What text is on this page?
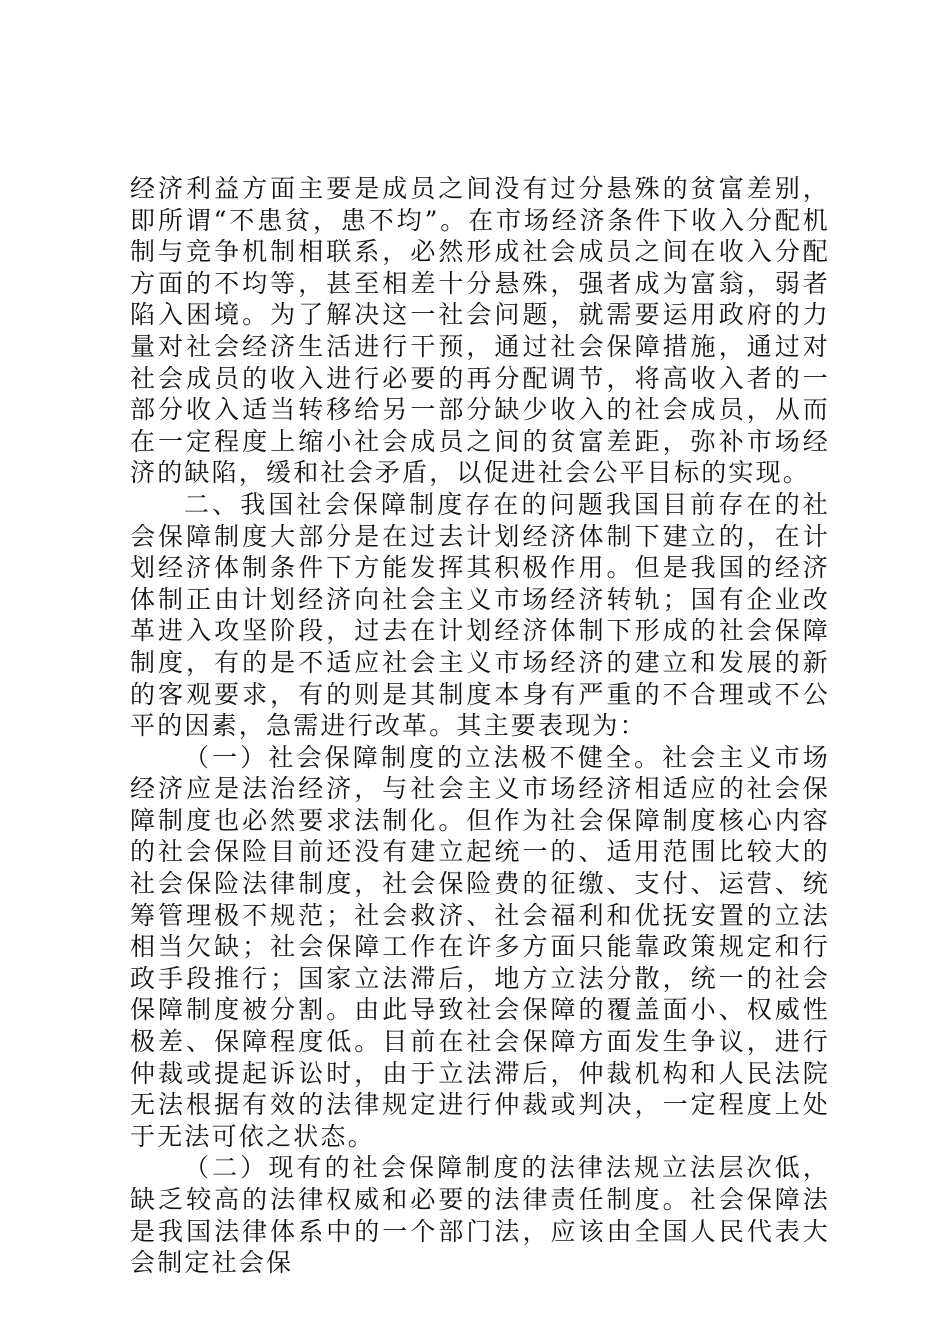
经济利益方面主要是成员之间没有过分悬殊的贫富差别，即所谓“不患贫，患不均”。在市场经济条件下收入分配机制与竞争机制相联系，必然形成社会成员之间在收入分配方面的不均等，甚至相差十分悬殊，强者成为富翁，弱者陷入困境。为了解决这一社会问题，就需要运用政府的力量对社会经济生活进行干预，通过社会保障措施，通过对社会成员的收入进行必要的再分配调节，将高收入者的一部分收入适当转移给另一部分缺少收入的社会成员，从而在一定程度上缩小社会成员之间的贫富差距，弥补市场经济的缺陷，缓和社会矛盾，以促进社会公平目标的实现。

二、我国社会保障制度存在的问题我国目前存在的社会保障制度大部分是在过去计划经济体制下建立的，在计划经济体制条件下方能发挥其积极作用。但是我国的经济体制正由计划经济向社会主义市场经济转轨；国有企业改革进入攻坚阶段，过去在计划经济体制下形成的社会保障制度，有的是不适应社会主义市场经济的建立和发展的新的客观要求，有的则是其制度本身有严重的不合理或不公平的因素，急需进行改革。其主要表现为：

（一）社会保障制度的立法极不健全。社会主义市场经济应是法治经济，与社会主义市场经济相适应的社会保障制度也必然要求法制化。但作为社会保障制度核心内容的社会保险目前还没有建立起统一的、适用范围比较大的社会保险法律制度，社会保险费的征缴、支付、运营、统筹管理极不规范；社会救济、社会福利和优抚安置的立法相当欠缺；社会保障工作在许多方面只能靠政策规定和行政手段推行；国家立法滞后，地方立法分散，统一的社会保障制度被分割。由此导致社会保障的覆盖面小、权威性极差、保障程度低。目前在社会保障方面发生争议，进行仲裁或提起诉讼时，由于立法滞后，仲裁机构和人民法院无法根据有效的法律规定进行仲裁或判决，一定程度上处于无法可依之状态。

（二）现有的社会保障制度的法律法规立法层次低，缺乏较高的法律权威和必要的法律责任制度。社会保障法是我国法律体系中的一个部门法，应该由全国人民代表大会制定社会保
